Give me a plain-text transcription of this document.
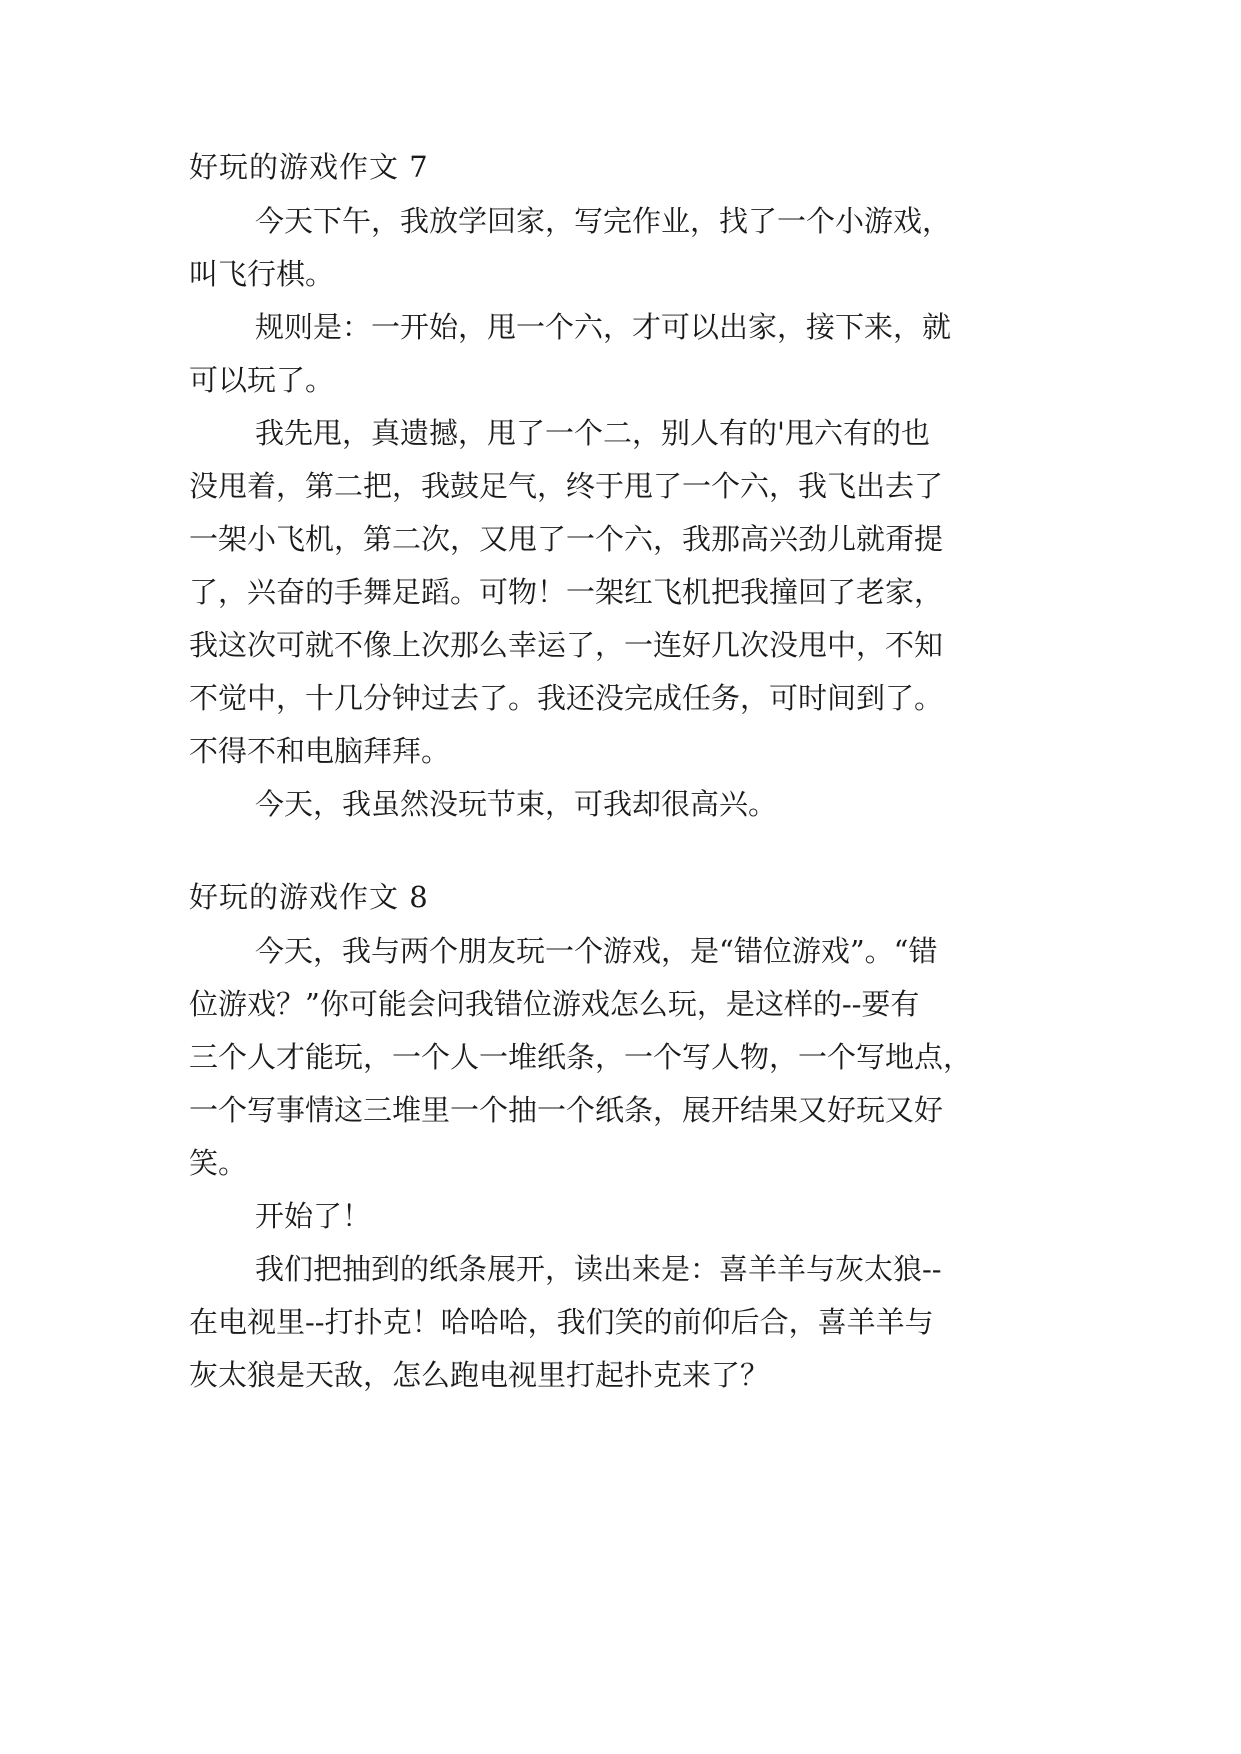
好玩的游戏作文 7
今天下午，我放学回家，写完作业，找了一个小游戏，
叫飞行棋。
规则是：一开始，甩一个六，才可以出家，接下来，就
可以玩了。
我先甩，真遗撼，甩了一个二，别人有的'甩六有的也
没甩着，第二把，我鼓足气，终于甩了一个六，我飞出去了
一架小飞机，第二次，又甩了一个六，我那高兴劲儿就甭提
了，兴奋的手舞足蹈。可物！一架红飞机把我撞回了老家，
我这次可就不像上次那么幸运了，一连好几次没甩中，不知
不觉中，十几分钟过去了。我还没完成任务，可时间到了。
不得不和电脑拜拜。
今天，我虽然没玩节束，可我却很高兴。
好玩的游戏作文 8
今天，我与两个朋友玩一个游戏，是“错位游戏”。“错
位游戏？”你可能会问我错位游戏怎么玩，是这样的--要有
三个人才能玩，一个人一堆纸条，一个写人物，一个写地点，
一个写事情这三堆里一个抽一个纸条，展开结果又好玩又好
笑。
开始了！
我们把抽到的纸条展开，读出来是：喜羊羊与灰太狼--
在电视里--打扑克！哈哈哈，我们笑的前仰后合，喜羊羊与
灰太狼是天敌，怎么跑电视里打起扑克来了？
